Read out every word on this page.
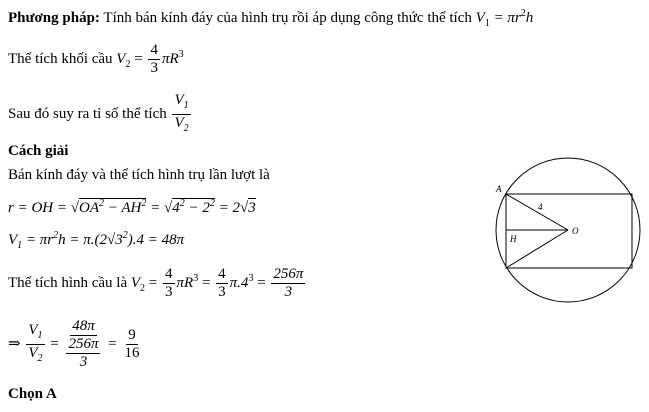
Phương pháp: Tính bán kính đáy của hình trụ rồi áp dụng công thức thể tích $V_1 = \pi r^2h$
Thể tích khối cầu $V_2 = \frac{4}{3} \pi R^3$
Sau đó suy ra tỉ số thể tích $\frac{V_1}{V_2}$
Cách giải
Bán kính đáy và thể tích hình trụ lần lượt là
r = OH = $√OA^2 - AH^2 = √4^2 - 2^2 = 2√3$
$V_1 = \pi r^2h = \pi.(2√3^2).4 = 48\pi$
Thể tích hình cầu là $V_2 = \frac{4}{3} \pi R^3 = \frac{4}{3} \pi.4^3 = \frac{256\pi}{3}$
⇒ $\frac{V_1}{V_2} = 48\pi$
256π
$3 = \frac{9}{16}$
Chọn A
A
4
O
H
